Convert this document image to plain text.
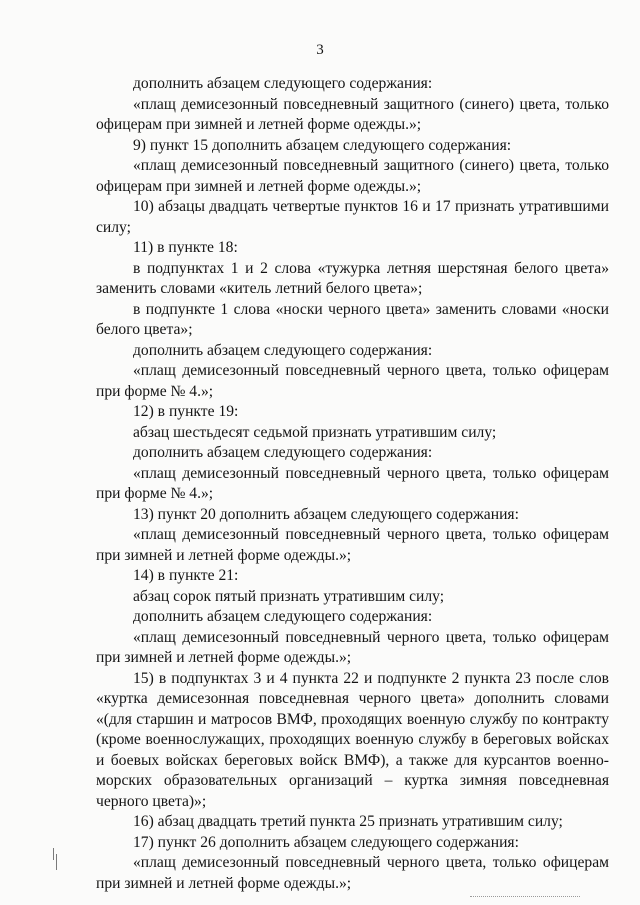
3

дополнить абзацем следующего содержания:

«плащ демисезонный повседневный защитного (синего) цвета, только офицерам при зимней и летней форме одежды.»;

9) пункт 15 дополнить абзацем следующего содержания:

«плащ демисезонный повседневный защитного (синего) цвета, только офицерам при зимней и летней форме одежды.»;

10) абзацы двадцать четвертые пунктов 16 и 17 признать утратившими силу;

11) в пункте 18:

в подпунктах 1 и 2 слова «тужурка летняя шерстяная белого цвета» заменить словами «китель летний белого цвета»;

в подпункте 1 слова «носки черного цвета» заменить словами «носки белого цвета»;

дополнить абзацем следующего содержания:

«плащ демисезонный повседневный черного цвета, только офицерам при форме № 4.»;

12) в пункте 19:

абзац шестьдесят седьмой признать утратившим силу;

дополнить абзацем следующего содержания:

«плащ демисезонный повседневный черного цвета, только офицерам при форме № 4.»;

13) пункт 20 дополнить абзацем следующего содержания:

«плащ демисезонный повседневный черного цвета, только офицерам при зимней и летней форме одежды.»;

14) в пункте 21:

абзац сорок пятый признать утратившим силу;

дополнить абзацем следующего содержания:

«плащ демисезонный повседневный черного цвета, только офицерам при зимней и летней форме одежды.»;

15) в подпунктах 3 и 4 пункта 22 и подпункте 2 пункта 23 после слов «куртка демисезонная повседневная черного цвета» дополнить словами «(для старшин и матросов ВМФ, проходящих военную службу по контракту (кроме военнослужащих, проходящих военную службу в береговых войсках и боевых войсках береговых войск ВМФ), а также для курсантов военно-морских образовательных организаций – куртка зимняя повседневная черного цвета)»;

16) абзац двадцать третий пункта 25 признать утратившим силу;

17) пункт 26 дополнить абзацем следующего содержания:

«плащ демисезонный повседневный черного цвета, только офицерам при зимней и летней форме одежды.»;
